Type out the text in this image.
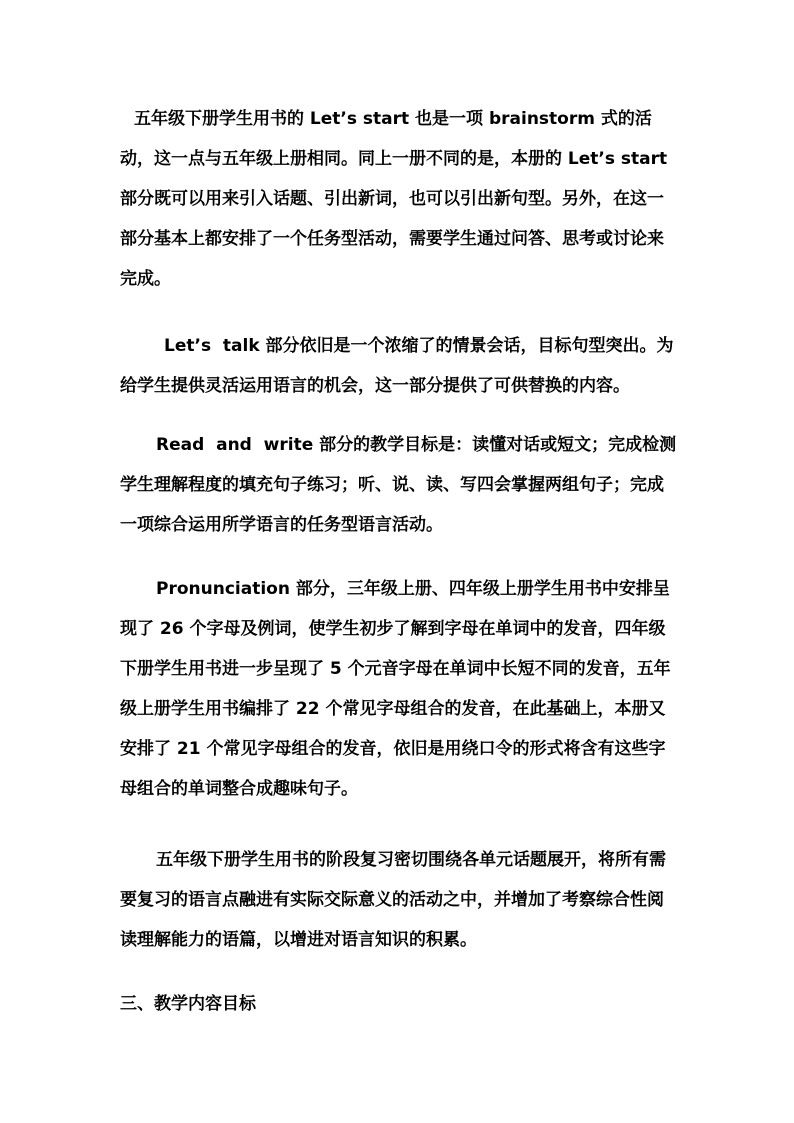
五年级下册学生用书的 Let’s start 也是一项 brainstorm 式的活动，这一点与五年级上册相同。同上一册不同的是，本册的 Let’s start 部分既可以用来引入话题、引出新词，也可以引出新句型。另外，在这一部分基本上都安排了一个任务型活动，需要学生通过问答、思考或讨论来完成。

Let’s  talk 部分依旧是一个浓缩了的情景会话，目标句型突出。为给学生提供灵活运用语言的机会，这一部分提供了可供替换的内容。

Read  and  write 部分的教学目标是：读懂对话或短文；完成检测学生理解程度的填充句子练习；听、说、读、写四会掌握两组句子；完成一项综合运用所学语言的任务型语言活动。

Pronunciation 部分，三年级上册、四年级上册学生用书中安排呈现了 26 个字母及例词，使学生初步了解到字母在单词中的发音，四年级下册学生用书进一步呈现了 5 个元音字母在单词中长短不同的发音，五年级上册学生用书编排了 22 个常见字母组合的发音，在此基础上，本册又安排了 21 个常见字母组合的发音，依旧是用绕口令的形式将含有这些字母组合的单词整合成趣味句子。

五年级下册学生用书的阶段复习密切围绕各单元话题展开，将所有需要复习的语言点融进有实际交际意义的活动之中，并增加了考察综合性阅读理解能力的语篇，以增进对语言知识的积累。

三、教学内容目标
